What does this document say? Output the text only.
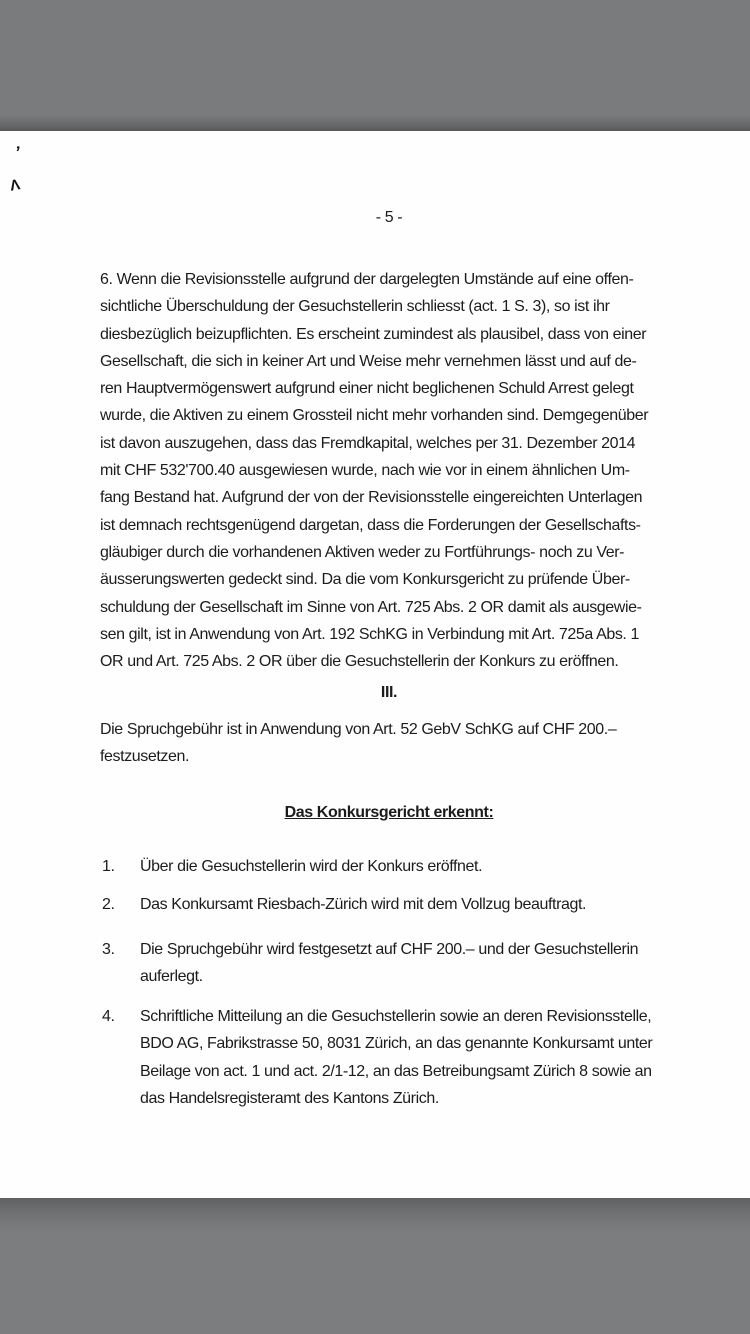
’
Λ
- 5 -
6. Wenn die Revisionsstelle aufgrund der dargelegten Umstände auf eine offen-
sichtliche Überschuldung der Gesuchstellerin schliesst (act. 1 S. 3), so ist ihr
diesbezüglich beizupflichten. Es erscheint zumindest als plausibel, dass von einer
Gesellschaft, die sich in keiner Art und Weise mehr vernehmen lässt und auf de-
ren Hauptvermögenswert aufgrund einer nicht beglichenen Schuld Arrest gelegt
wurde, die Aktiven zu einem Grossteil nicht mehr vorhanden sind. Demgegenüber
ist davon auszugehen, dass das Fremdkapital, welches per 31. Dezember 2014
mit CHF 532'700.40 ausgewiesen wurde, nach wie vor in einem ähnlichen Um-
fang Bestand hat. Aufgrund der von der Revisionsstelle eingereichten Unterlagen
ist demnach rechtsgenügend dargetan, dass die Forderungen der Gesellschafts-
gläubiger durch die vorhandenen Aktiven weder zu Fortführungs- noch zu Ver-
äusserungswerten gedeckt sind. Da die vom Konkursgericht zu prüfende Über-
schuldung der Gesellschaft im Sinne von Art. 725 Abs. 2 OR damit als ausgewie-
sen gilt, ist in Anwendung von Art. 192 SchKG in Verbindung mit Art. 725a Abs. 1
OR und Art. 725 Abs. 2 OR über die Gesuchstellerin der Konkurs zu eröffnen.
III.
Die Spruchgebühr ist in Anwendung von Art. 52 GebV SchKG auf CHF 200.–
festzusetzen.
Das Konkursgericht erkennt:
1.	Über die Gesuchstellerin wird der Konkurs eröffnet.
2.	Das Konkursamt Riesbach-Zürich wird mit dem Vollzug beauftragt.
3.	Die Spruchgebühr wird festgesetzt auf CHF 200.– und der Gesuchstellerin
auferlegt.
4.	Schriftliche Mitteilung an die Gesuchstellerin sowie an deren Revisionsstelle,
BDO AG, Fabrikstrasse 50, 8031 Zürich, an das genannte Konkursamt unter
Beilage von act. 1 und act. 2/1-12, an das Betreibungsamt Zürich 8 sowie an
das Handelsregisteramt des Kantons Zürich.
